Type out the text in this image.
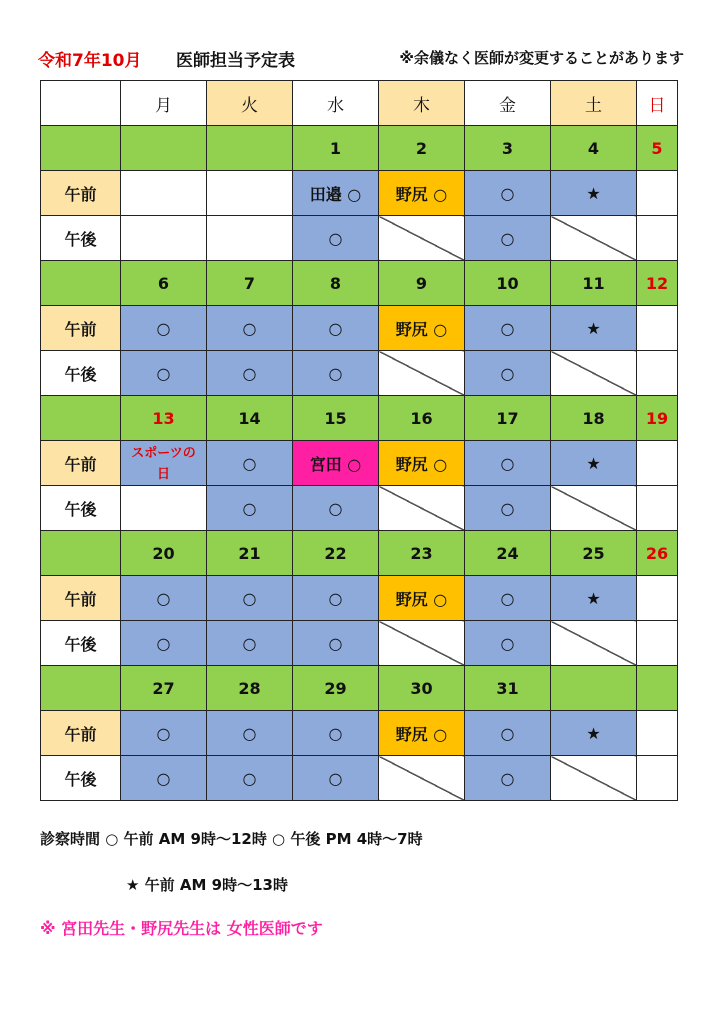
令和7年10月 医師担当予定表	※余儀なく医師が変更することがあります
	月	火	水	木	金	土	日
			1	2	3	4	5
午前			田邉 ○	野尻 ○	○	★	
午後			○		○		
	6	7	8	9	10	11	12
午前	○	○	○	野尻 ○	○	★	
午後	○	○	○		○		
	13	14	15	16	17	18	19
午前	スポーツの日	○	宮田 ○	野尻 ○	○	★	
午後		○	○		○		
	20	21	22	23	24	25	26
午前	○	○	○	野尻 ○	○	★	
午後	○	○	○		○		
	27	28	29	30	31		
午前	○	○	○	野尻 ○	○	★	
午後	○	○	○		○		
診察時間 ○ 午前 AM 9時～12時 ○ 午後 PM 4時～7時
★ 午前 AM 9時～13時
※ 宮田先生・野尻先生は 女性医師です
